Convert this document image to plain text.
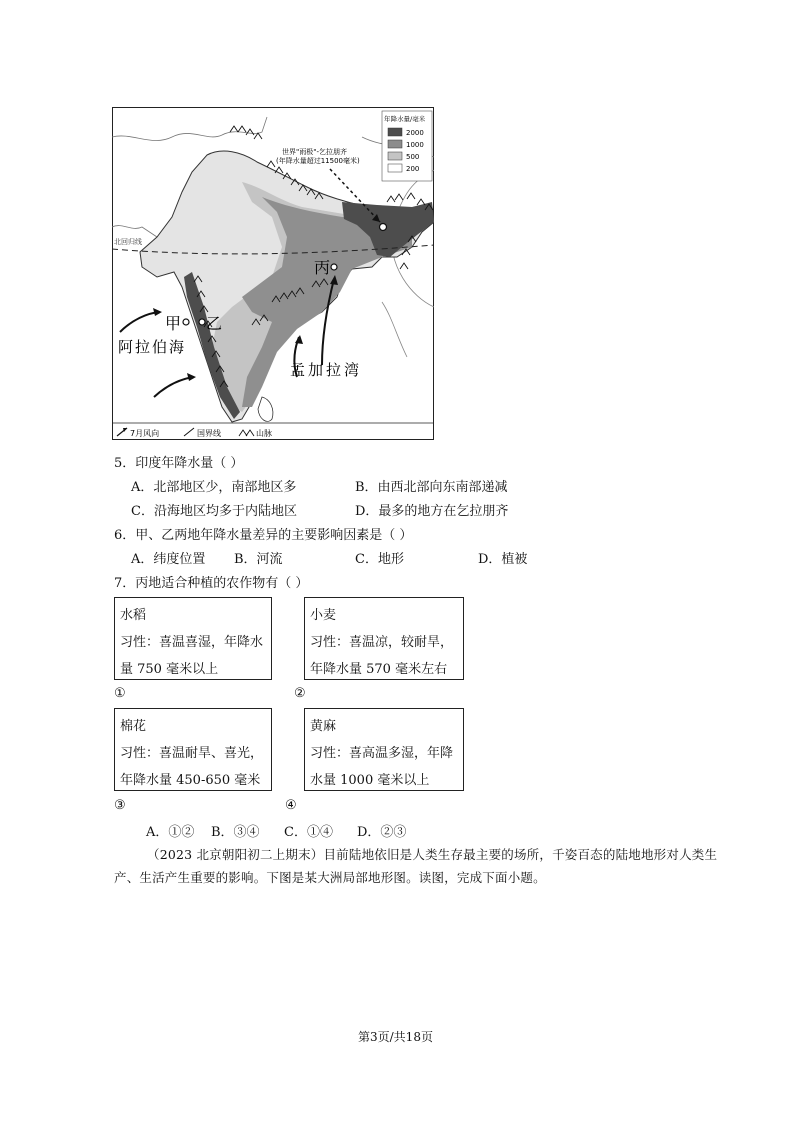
年降水量/毫米
2000
1000
500
200
世界"雨极"-乞拉朋齐
(年降水量超过11500毫米)
北回归线
甲 乙
丙
阿拉伯海
孟加拉湾
7月风向	国界线	山脉
5．印度年降水量（ ）
A．北部地区少，南部地区多	B．由西北部向东南部递减
C．沿海地区均多于内陆地区	D．最多的地方在乞拉朋齐
6．甲、乙两地年降水量差异的主要影响因素是（ ）
A．纬度位置 B．河流	C．地形	D．植被
7．丙地适合种植的农作物有（ ）
水稻
习性：喜温喜湿，年降水
量 750 毫米以上
小麦
习性：喜温凉，较耐旱，
年降水量 570 毫米左右
①	②
棉花
习性：喜温耐旱、喜光，
年降水量 450-650 毫米
黄麻
习性：喜高温多湿，年降
水量 1000 毫米以上
③	④
A．①② B．③④ C．①④ D．②③
（2023 北京朝阳初二上期末）目前陆地依旧是人类生存最主要的场所，千姿百态的陆地地形对人类生
产、生活产生重要的影响。下图是某大洲局部地形图。读图，完成下面小题。
第3页/共18页
